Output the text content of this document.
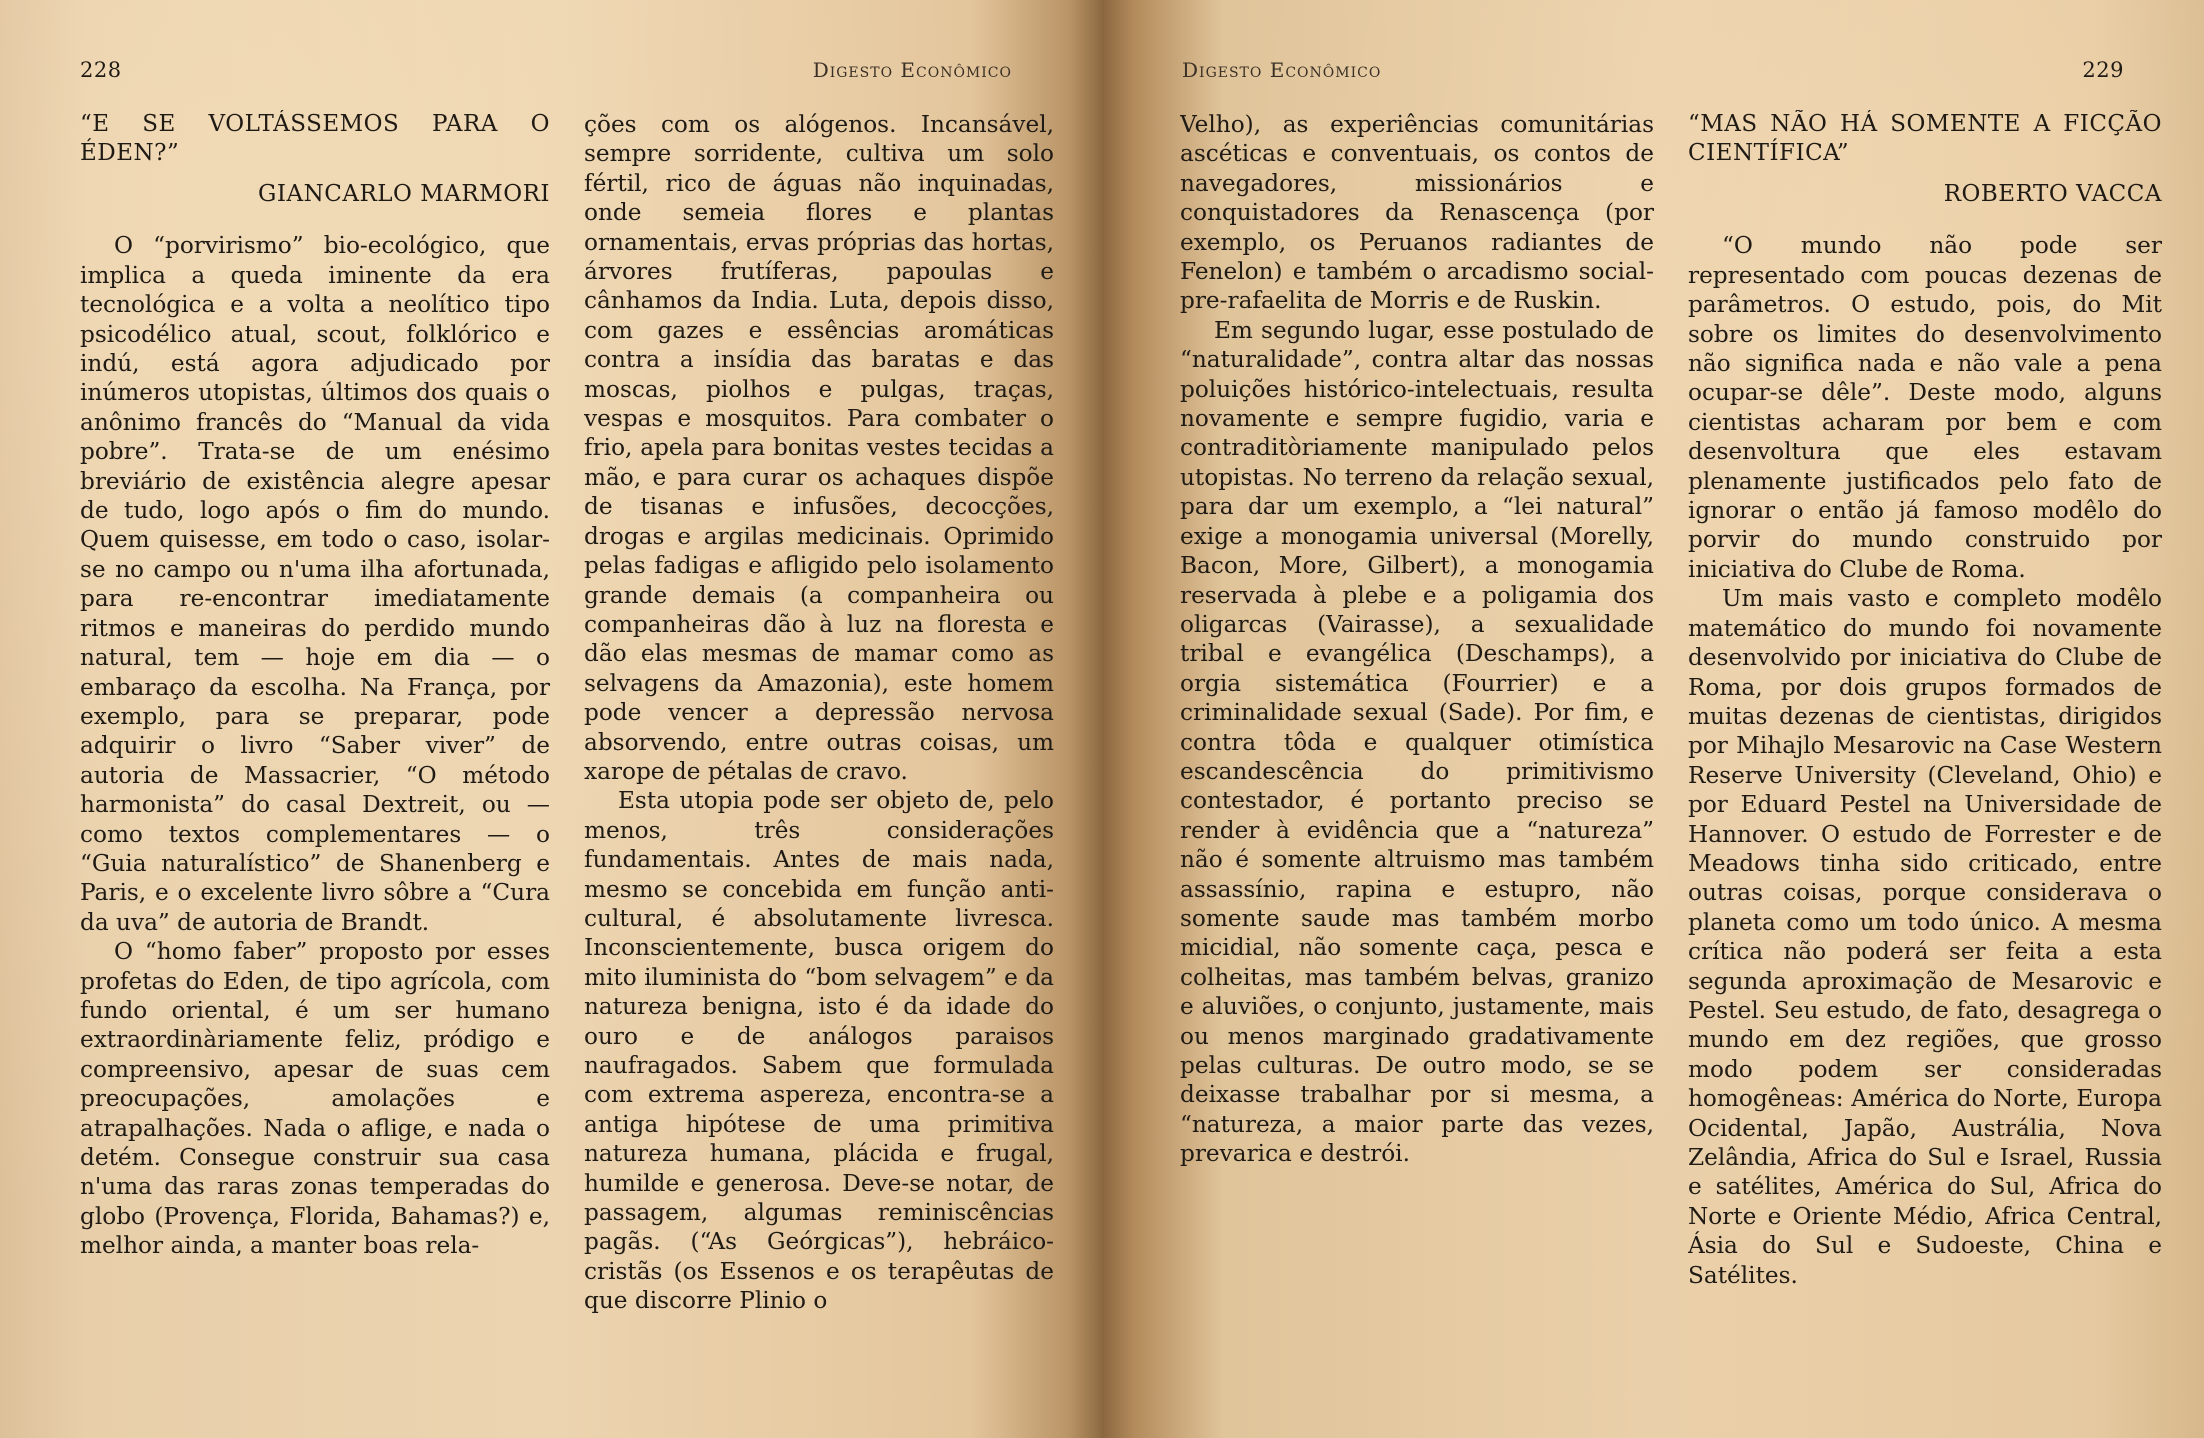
228	Digesto Econômico
“E SE VOLTÁSSEMOS PARA O ÉDEN?”
GIANCARLO MARMORI

O “porvirismo” bio-ecológico, que implica a queda iminente da era tecnológica e a volta a neolítico tipo psicodélico atual, scout, folklórico e indú, está agora adjudicado por inúmeros utopistas, últimos dos quais o anônimo francês do “Manual da vida pobre”. Trata-se de um enésimo breviário de existência alegre apesar de tudo, logo após o fim do mundo. Quem quisesse, em todo o caso, isolar-se no campo ou n'uma ilha afortunada, para re-encontrar imediatamente ritmos e maneiras do perdido mundo natural, tem — hoje em dia — o embaraço da escolha. Na França, por exemplo, para se preparar, pode adquirir o livro “Saber viver” de autoria de Massacrier, “O método harmonista” do casal Dextreit, ou — como textos complementares — o “Guia naturalístico” de Shanenberg e Paris, e o excelente livro sôbre a “Cura da uva” de autoria de Brandt.

O “homo faber” proposto por esses profetas do Eden, de tipo agrícola, com fundo oriental, é um ser humano extraordinàriamente feliz, pródigo e compreensivo, apesar de suas cem preocupações, amolações e atrapalhações. Nada o aflige, e nada o detém. Consegue construir sua casa n'uma das raras zonas temperadas do globo (Provença, Florida, Bahamas?) e, melhor ainda, a manter boas rela-

ções com os alógenos. Incansável, sempre sorridente, cultiva um solo fértil, rico de águas não inquinadas, onde semeia flores e plantas ornamentais, ervas próprias das hortas, árvores frutíferas, papoulas e cânhamos da India. Luta, depois disso, com gazes e essências aromáticas contra a insídia das baratas e das moscas, piolhos e pulgas, traças, vespas e mosquitos. Para combater o frio, apela para bonitas vestes tecidas a mão, e para curar os achaques dispõe de tisanas e infusões, decocções, drogas e argilas medicinais. Oprimido pelas fadigas e afligido pelo isolamento grande demais (a companheira ou companheiras dão à luz na floresta e dão elas mesmas de mamar como as selvagens da Amazonia), este homem pode vencer a depressão nervosa absorvendo, entre outras coisas, um xarope de pétalas de cravo.

Esta utopia pode ser objeto de, pelo menos, três considerações fundamentais. Antes de mais nada, mesmo se concebida em função anti-cultural, é absolutamente livresca. Inconscientemente, busca origem do mito iluminista do “bom selvagem” e da natureza benigna, isto é da idade do ouro e de análogos paraisos naufragados. Sabem que formulada com extrema aspereza, encontra-se a antiga hipótese de uma primitiva natureza humana, plácida e frugal, humilde e generosa. Deve-se notar, de passagem, algumas reminiscências pagãs. (“As Geórgicas”), hebráico-cristãs (os Essenos e os terapêutas de que discorre Plinio o

Digesto Econômico	229

Velho), as experiências comunitárias ascéticas e conventuais, os contos de navegadores, missionários e conquistadores da Renascença (por exemplo, os Peruanos radiantes de Fenelon) e também o arcadismo social-pre-rafaelita de Morris e de Ruskin.

Em segundo lugar, esse postulado de “naturalidade”, contra altar das nossas poluições histórico-intelectuais, resulta novamente e sempre fugidio, varia e contraditòriamente manipulado pelos utopistas. No terreno da relação sexual, para dar um exemplo, a “lei natural” exige a monogamia universal (Morelly, Bacon, More, Gilbert), a monogamia reservada à plebe e a poligamia dos oligarcas (Vairasse), a sexualidade tribal e evangélica (Deschamps), a orgia sistemática (Fourrier) e a criminalidade sexual (Sade). Por fim, e contra tôda e qualquer otimística escandescência do primitivismo contestador, é portanto preciso se render à evidência que a “natureza” não é somente altruismo mas também assassínio, rapina e estupro, não somente saude mas também morbo micidial, não somente caça, pesca e colheitas, mas também belvas, granizo e aluviões, o conjunto, justamente, mais ou menos marginado gradativamente pelas culturas. De outro modo, se se deixasse trabalhar por si mesma, a “natureza, a maior parte das vezes, prevarica e destrói.

“MAS NÃO HÁ SOMENTE A FICÇÃO CIENTÍFICA”
ROBERTO VACCA

“O mundo não pode ser representado com poucas dezenas de parâmetros. O estudo, pois, do Mit sobre os limites do desenvolvimento não significa nada e não vale a pena ocupar-se dêle”. Deste modo, alguns cientistas acharam por bem e com desenvoltura que eles estavam plenamente justificados pelo fato de ignorar o então já famoso modêlo do porvir do mundo construido por iniciativa do Clube de Roma.

Um mais vasto e completo modêlo matemático do mundo foi novamente desenvolvido por iniciativa do Clube de Roma, por dois grupos formados de muitas dezenas de cientistas, dirigidos por Mihajlo Mesarovic na Case Western Reserve University (Cleveland, Ohio) e por Eduard Pestel na Universidade de Hannover. O estudo de Forrester e de Meadows tinha sido criticado, entre outras coisas, porque considerava o planeta como um todo único. A mesma crítica não poderá ser feita a esta segunda aproximação de Mesarovic e Pestel. Seu estudo, de fato, desagrega o mundo em dez regiões, que grosso modo podem ser consideradas homogêneas: América do Norte, Europa Ocidental, Japão, Austrália, Nova Zelândia, Africa do Sul e Israel, Russia e satélites, América do Sul, Africa do Norte e Oriente Médio, Africa Central, Ásia do Sul e Sudoeste, China e Satélites.
